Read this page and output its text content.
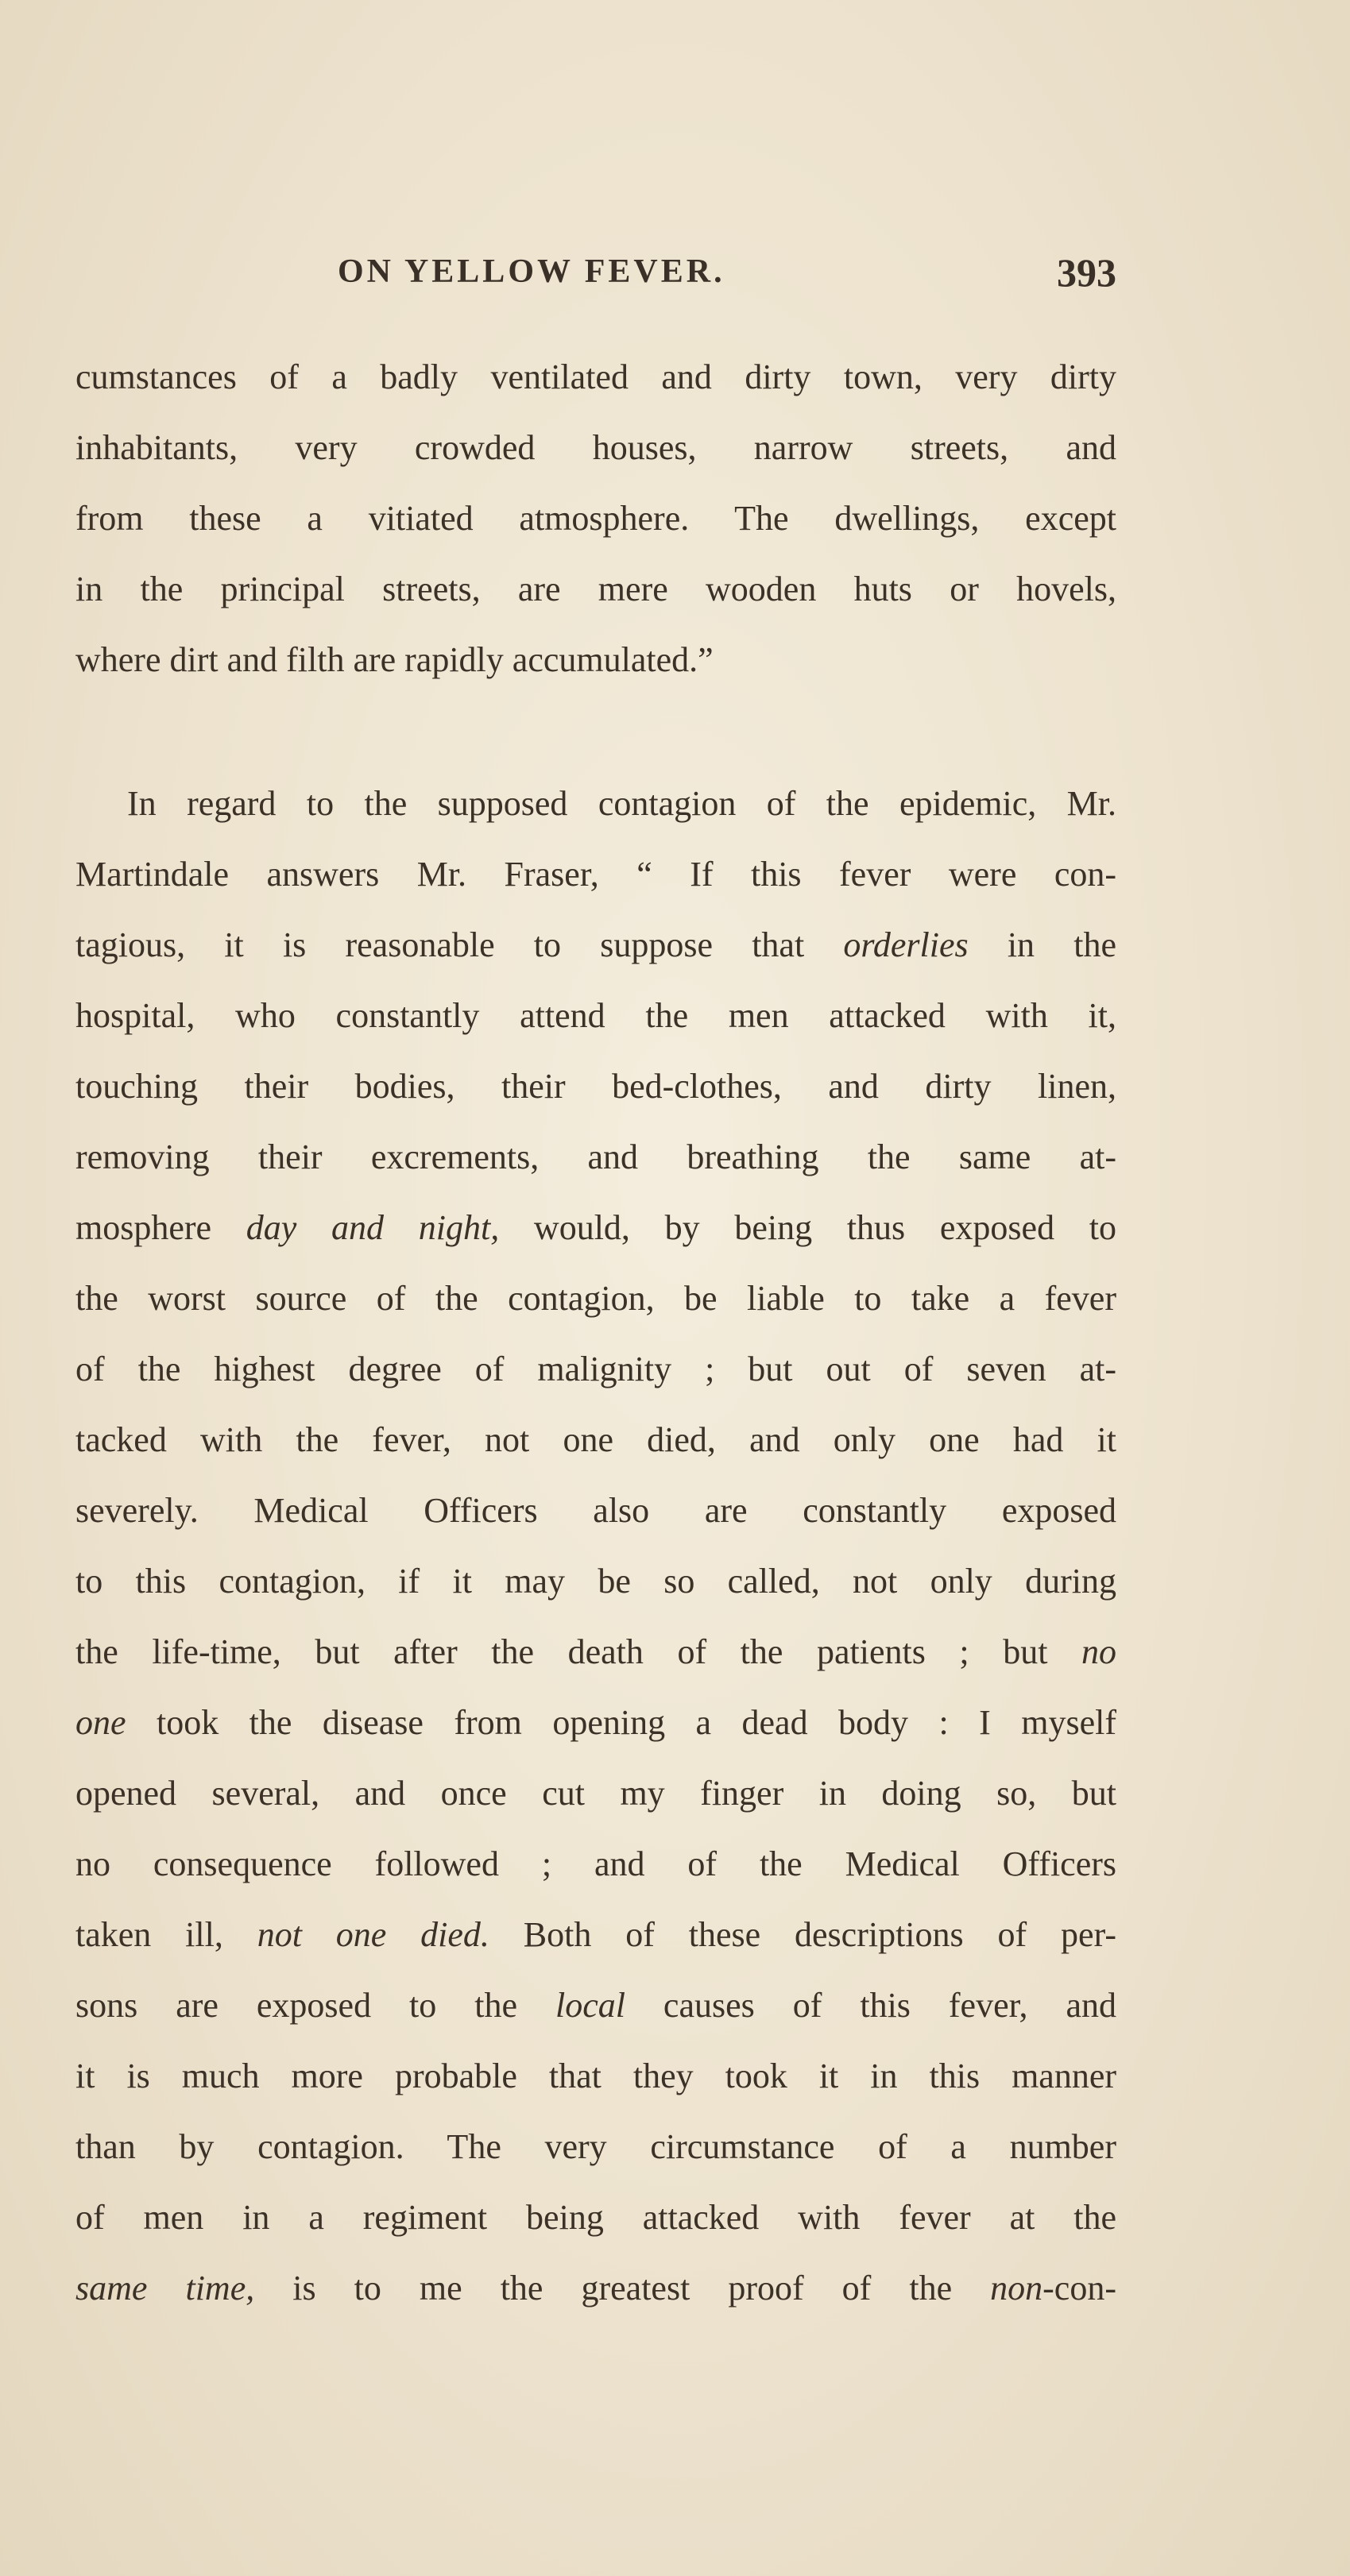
ON YELLOW FEVER.	393
cumstances of a badly ventilated and dirty town, very dirty
inhabitants, very crowded houses, narrow streets, and
from these a vitiated atmosphere. The dwellings, except
in the principal streets, are mere wooden huts or hovels,
where dirt and filth are rapidly accumulated.”
In regard to the supposed contagion of the epidemic, Mr.
Martindale answers Mr. Fraser, “ If this fever were con-
tagious, it is reasonable to suppose that orderlies in the
hospital, who constantly attend the men attacked with it,
touching their bodies, their bed-clothes, and dirty linen,
removing their excrements, and breathing the same at-
mosphere day and night, would, by being thus exposed to
the worst source of the contagion, be liable to take a fever
of the highest degree of malignity ; but out of seven at-
tacked with the fever, not one died, and only one had it
severely. Medical Officers also are constantly exposed
to this contagion, if it may be so called, not only during
the life-time, but after the death of the patients ; but no
one took the disease from opening a dead body : I myself
opened several, and once cut my finger in doing so, but
no consequence followed ; and of the Medical Officers
taken ill, not one died. Both of these descriptions of per-
sons are exposed to the local causes of this fever, and
it is much more probable that they took it in this manner
than by contagion. The very circumstance of a number
of men in a regiment being attacked with fever at the
same time, is to me the greatest proof of the non-con-
